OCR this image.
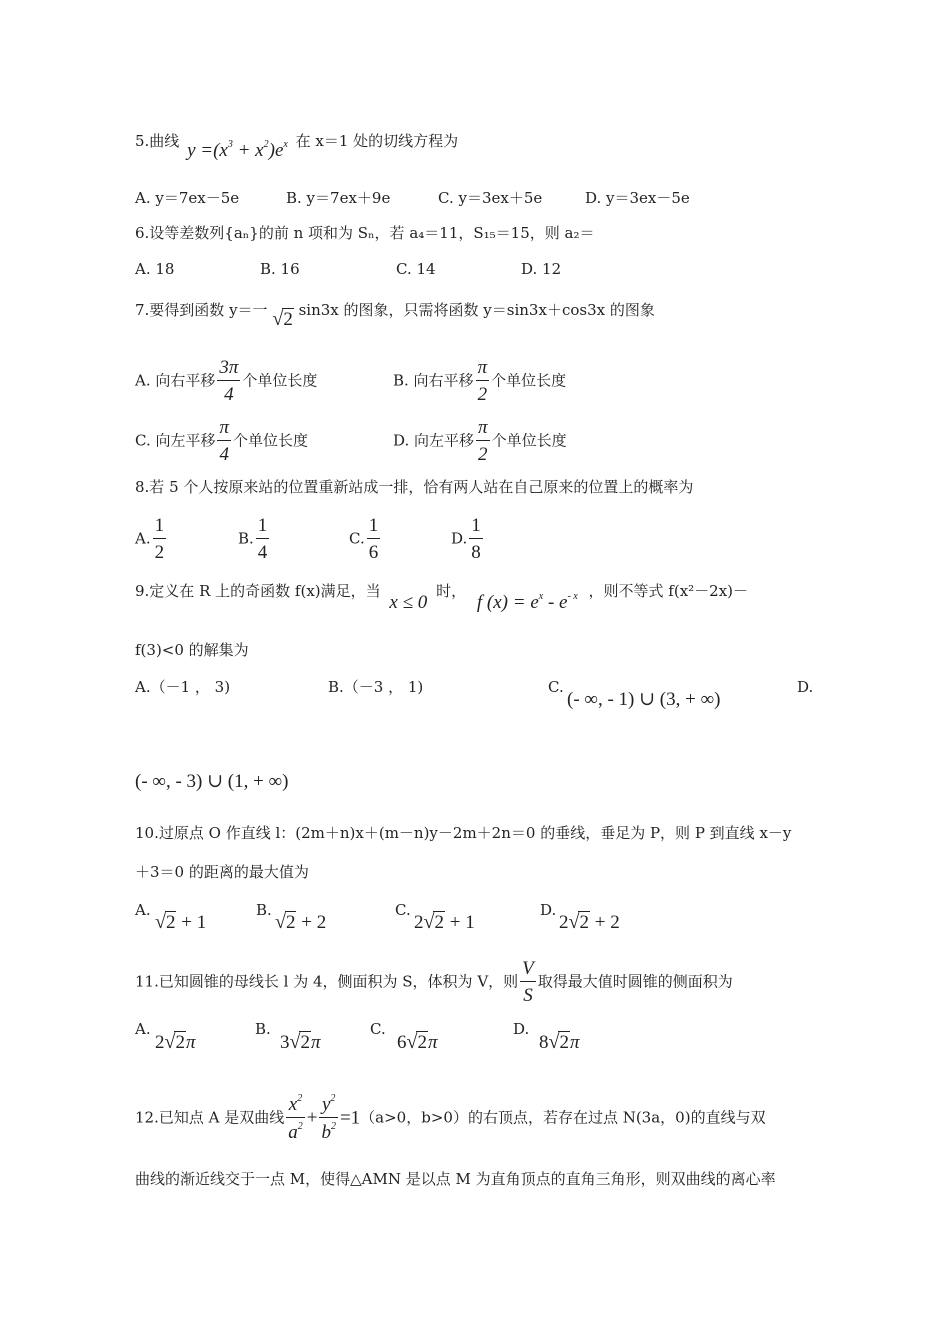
5.曲线 $y =(x^3 + x^2)e^x$ 在 x＝1 处的切线方程为
A. y＝7ex－5e	B. y＝7ex＋9e	C. y＝3ex＋5e	D. y＝3ex－5e
6.设等差数列{aₙ}的前 n 项和为 Sₙ，若 a₄＝11，S₁₅＝15，则 a₂＝
A. 18	B. 16	C. 14	D. 12
7.要得到函数 y＝一 √2 sin3x 的图象，只需将函数 y＝sin3x＋cos3x 的图象
A. 向右平移 $\frac{3\pi}{4}$ 个单位长度	B. 向右平移 $\frac{\pi}{2}$ 个单位长度
C. 向左平移 $\frac{\pi}{4}$ 个单位长度	D. 向左平移 $\frac{\pi}{2}$ 个单位长度
8.若 5 个人按原来站的位置重新站成一排，恰有两人站在自己原来的位置上的概率为
A. $\frac{1}{2}$	B. $\frac{1}{4}$	C. $\frac{1}{6}$	D. $\frac{1}{8}$
9.定义在 R 上的奇函数 f(x)满足，当 x ≤ 0 时， f $(x) = e^x - e^{- x}$ ，则不等式 f(x²－2x)－
f(3)<0 的解集为
A.（－1 ， 3)	B.（－3 ， 1)	C.
(- ∞, - 1) ∪ (3, + ∞)
D.
(- ∞, - 3) ∪ (1, + ∞)
10.过原点 O 作直线 l：(2m＋n)x＋(m－n)y－2m＋2n＝0 的垂线，垂足为 P，则 P 到直线 x－y
＋3＝0 的距离的最大值为
A.
√2 + 1
B.
√2 + 2
C.
2√2 + 1
D.
2√2 + 2
11.已知圆锥的母线长 l 为 4，侧面积为 S，体积为 V，则 $\frac{V}{S}$ 取得最大值时圆锥的侧面积为
A.
2√2π
B.
3√2π
C.
6√2π
D.
8√2π
12.已知点 A 是双曲线 $\frac{x^2}{a^2} + \frac{y^2}{b^2} =1(a>0$，b>0）的右顶点，若存在过点 N(3a，0)的直线与双
曲线的渐近线交于一点 M，使得△AMN 是以点 M 为直角顶点的直角三角形，则双曲线的离心率
